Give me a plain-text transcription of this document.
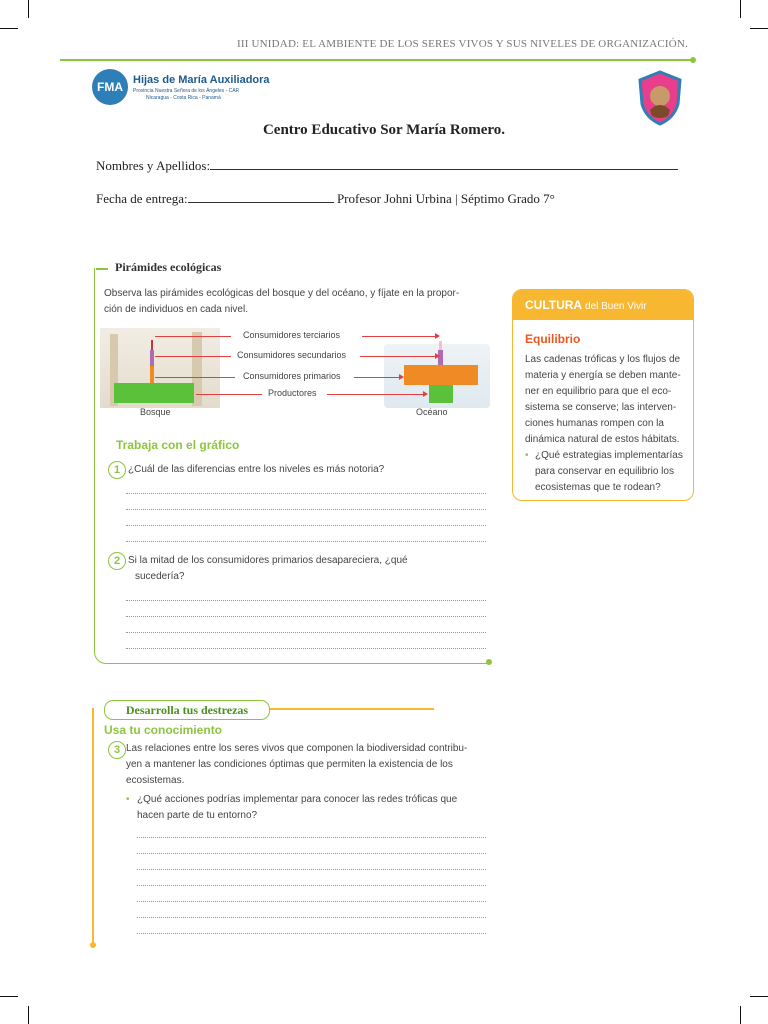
III UNIDAD: EL AMBIENTE DE LOS SERES VIVOS Y SUS NIVELES DE ORGANIZACIÓN.
FMA Hijas de María Auxiliadora
Provincia Nuestra Señora de los Ángeles - CAR
Nicaragua - Costa Rica - Panamá
Centro Educativo Sor María Romero.
Nombres y Apellidos:
Fecha de entrega:	Profesor Johni Urbina | Séptimo Grado 7°
Pirámides ecológicas
Observa las pirámides ecológicas del bosque y del océano, y fíjate en la propor-
ción de individuos en cada nivel.
Bosque	Océano
Consumidores terciarios
Consumidores secundarios
Consumidores primarios
Productores
Trabaja con el gráfico
1 ¿Cuál de las diferencias entre los niveles es más notoria?
2 Si la mitad de los consumidores primarios desapareciera, ¿qué
sucedería?
CULTURA del Buen Vivir
Equilibrio
Las cadenas tróficas y los flujos de
materia y energía se deben mante-
ner en equilibrio para que el eco-
sistema se conserve; las interven-
ciones humanas rompen con la
dinámica natural de estos hábitats.
• ¿Qué estrategias implementarías
para conservar en equilibrio los
ecosistemas que te rodean?
Desarrolla tus destrezas
Usa tu conocimiento
3 Las relaciones entre los seres vivos que componen la biodiversidad contribu-
yen a mantener las condiciones óptimas que permiten la existencia de los
ecosistemas.
• ¿Qué acciones podrías implementar para conocer las redes tróficas que
hacen parte de tu entorno?
